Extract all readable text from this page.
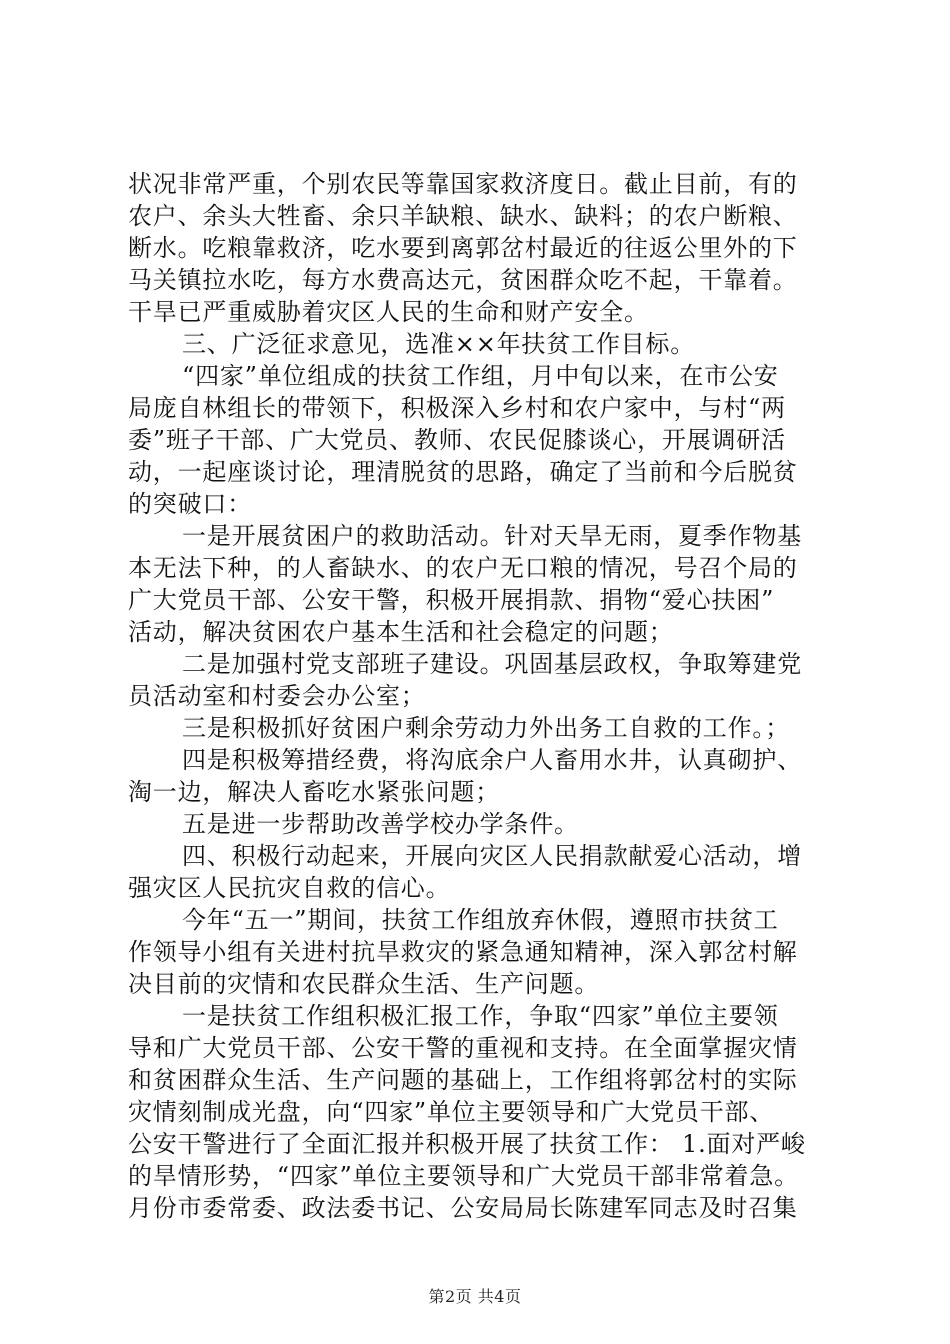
状况非常严重，个别农民等靠国家救济度日。截止目前，有的
农户、余头大牲畜、余只羊缺粮、缺水、缺料；的农户断粮、
断水。吃粮靠救济，吃水要到离郭岔村最近的往返公里外的下
马关镇拉水吃，每方水费高达元，贫困群众吃不起，干靠着。
干旱已严重威胁着灾区人民的生命和财产安全。
三、广泛征求意见，选准××年扶贫工作目标。
“四家”单位组成的扶贫工作组，月中旬以来，在市公安
局庞自林组长的带领下，积极深入乡村和农户家中，与村“两
委”班子干部、广大党员、教师、农民促膝谈心，开展调研活
动，一起座谈讨论，理清脱贫的思路，确定了当前和今后脱贫
的突破口：
一是开展贫困户的救助活动。针对天旱无雨，夏季作物基
本无法下种，的人畜缺水、的农户无口粮的情况，号召个局的
广大党员干部、公安干警，积极开展捐款、捐物“爱心扶困”
活动，解决贫困农户基本生活和社会稳定的问题；
二是加强村党支部班子建设。巩固基层政权，争取筹建党
员活动室和村委会办公室；
三是积极抓好贫困户剩余劳动力外出务工自救的工作。；
四是积极筹措经费，将沟底余户人畜用水井，认真砌护、
淘一边，解决人畜吃水紧张问题；
五是进一步帮助改善学校办学条件。
四、积极行动起来，开展向灾区人民捐款献爱心活动，增
强灾区人民抗灾自救的信心。
今年“五一”期间，扶贫工作组放弃休假，遵照市扶贫工
作领导小组有关进村抗旱救灾的紧急通知精神，深入郭岔村解
决目前的灾情和农民群众生活、生产问题。
一是扶贫工作组积极汇报工作，争取“四家”单位主要领
导和广大党员干部、公安干警的重视和支持。在全面掌握灾情
和贫困群众生活、生产问题的基础上，工作组将郭岔村的实际
灾情刻制成光盘，向“四家”单位主要领导和广大党员干部、
公安干警进行了全面汇报并积极开展了扶贫工作： 1.面对严峻
的旱情形势，“四家”单位主要领导和广大党员干部非常着急。
月份市委常委、政法委书记、公安局局长陈建军同志及时召集
第2页 共4页
